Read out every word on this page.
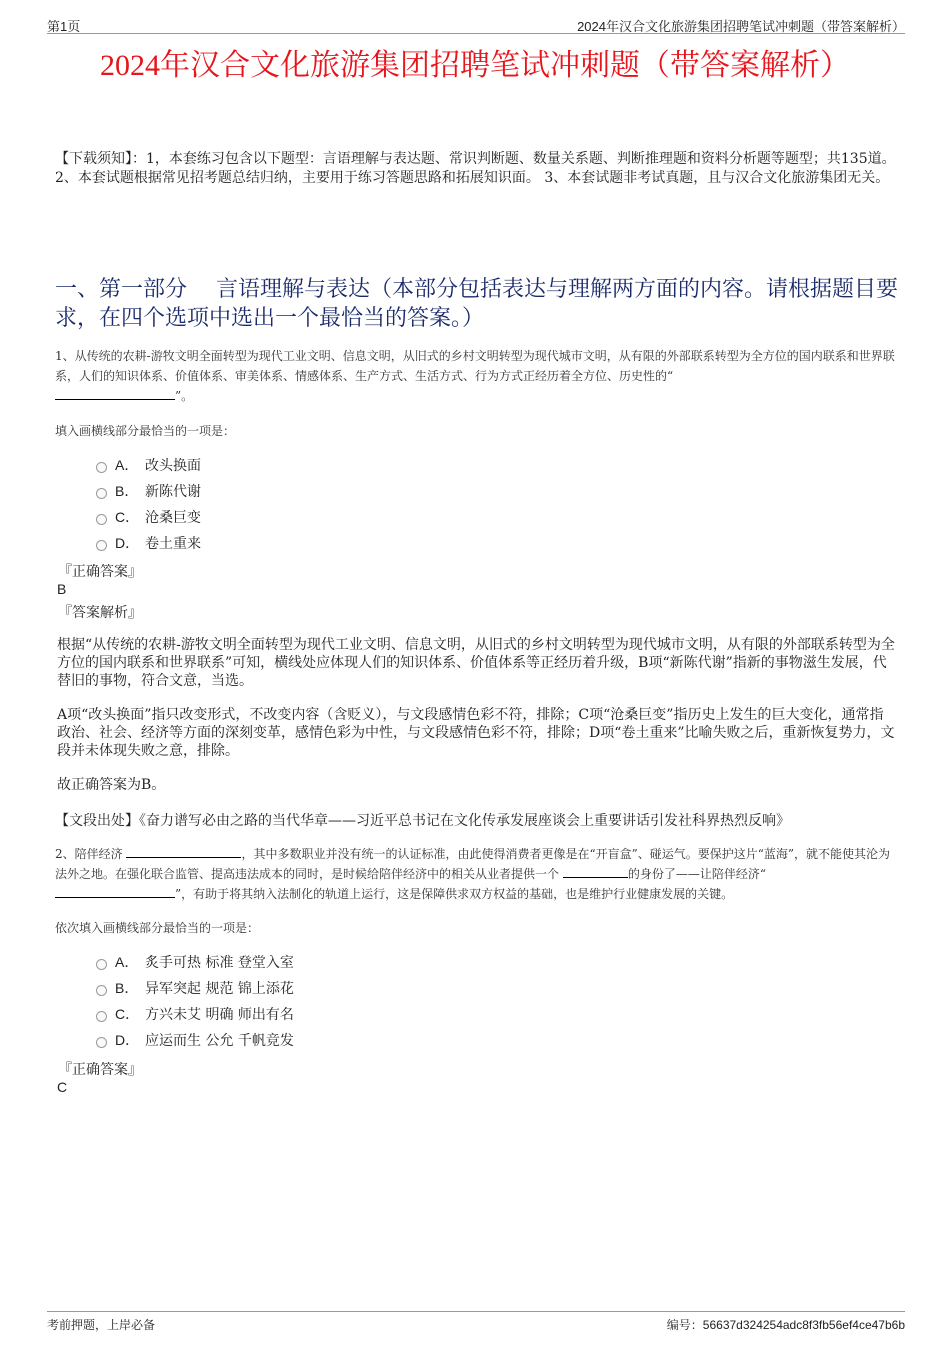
第1页	2024年汉合文化旅游集团招聘笔试冲刺题（带答案解析）
2024年汉合文化旅游集团招聘笔试冲刺题（带答案解析）
【下载须知】：1，本套练习包含以下题型：言语理解与表达题、常识判断题、数量关系题、判断推理题和资料分析题等题型；共135道。 2、本套试题根据常见招考题总结归纳，主要用于练习答题思路和拓展知识面。 3、本套试题非考试真题，且与汉合文化旅游集团无关。
一、第一部分　 言语理解与表达（本部分包括表达与理解两方面的内容。请根据题目要求，在四个选项中选出一个最恰当的答案。）
1、从传统的农耕-游牧文明全面转型为现代工业文明、信息文明，从旧式的乡村文明转型为现代城市文明，从有限的外部联系转型为全方位的国内联系和世界联系，人们的知识体系、价值体系、审美体系、情感体系、生产方式、生活方式、行为方式正经历着全方位、历史性的“
”。
填入画横线部分最恰当的一项是：
A． 改头换面
B． 新陈代谢
C． 沧桑巨变
D． 卷土重来
『正确答案』
B
『答案解析』
根据“从传统的农耕-游牧文明全面转型为现代工业文明、信息文明，从旧式的乡村文明转型为现代城市文明，从有限的外部联系转型为全方位的国内联系和世界联系”可知，横线处应体现人们的知识体系、价值体系等正经历着升级，B项“新陈代谢”指新的事物滋生发展，代替旧的事物，符合文意，当选。
A项“改头换面”指只改变形式，不改变内容（含贬义），与文段感情色彩不符，排除；C项“沧桑巨变”指历史上发生的巨大变化，通常指政治、社会、经济等方面的深刻变革，感情色彩为中性，与文段感情色彩不符，排除；D项“卷土重来”比喻失败之后，重新恢复势力，文段并未体现失败之意，排除。
故正确答案为B。
【文段出处】《奋力谱写必由之路的当代华章——习近平总书记在文化传承发展座谈会上重要讲话引发社科界热烈反响》
2、陪伴经济	，其中多数职业并没有统一的认证标准，由此使得消费者更像是在“开盲盒”、碰运气。要保护这片“蓝海”，就不能使其沦为法外之地。在强化联合监管、提高违法成本的同时，是时候给陪伴经济中的相关从业者提供一个	的身份了——让陪伴经济“
”，有助于将其纳入法制化的轨道上运行，这是保障供求双方权益的基础，也是维护行业健康发展的关键。
依次填入画横线部分最恰当的一项是：
A． 炙手可热 标准 登堂入室
B． 异军突起 规范 锦上添花
C． 方兴未艾 明确 师出有名
D． 应运而生 公允 千帆竞发
『正确答案』
C
考前押题，上岸必备	编号：56637d324254adc8f3fb56ef4ce47b6b
